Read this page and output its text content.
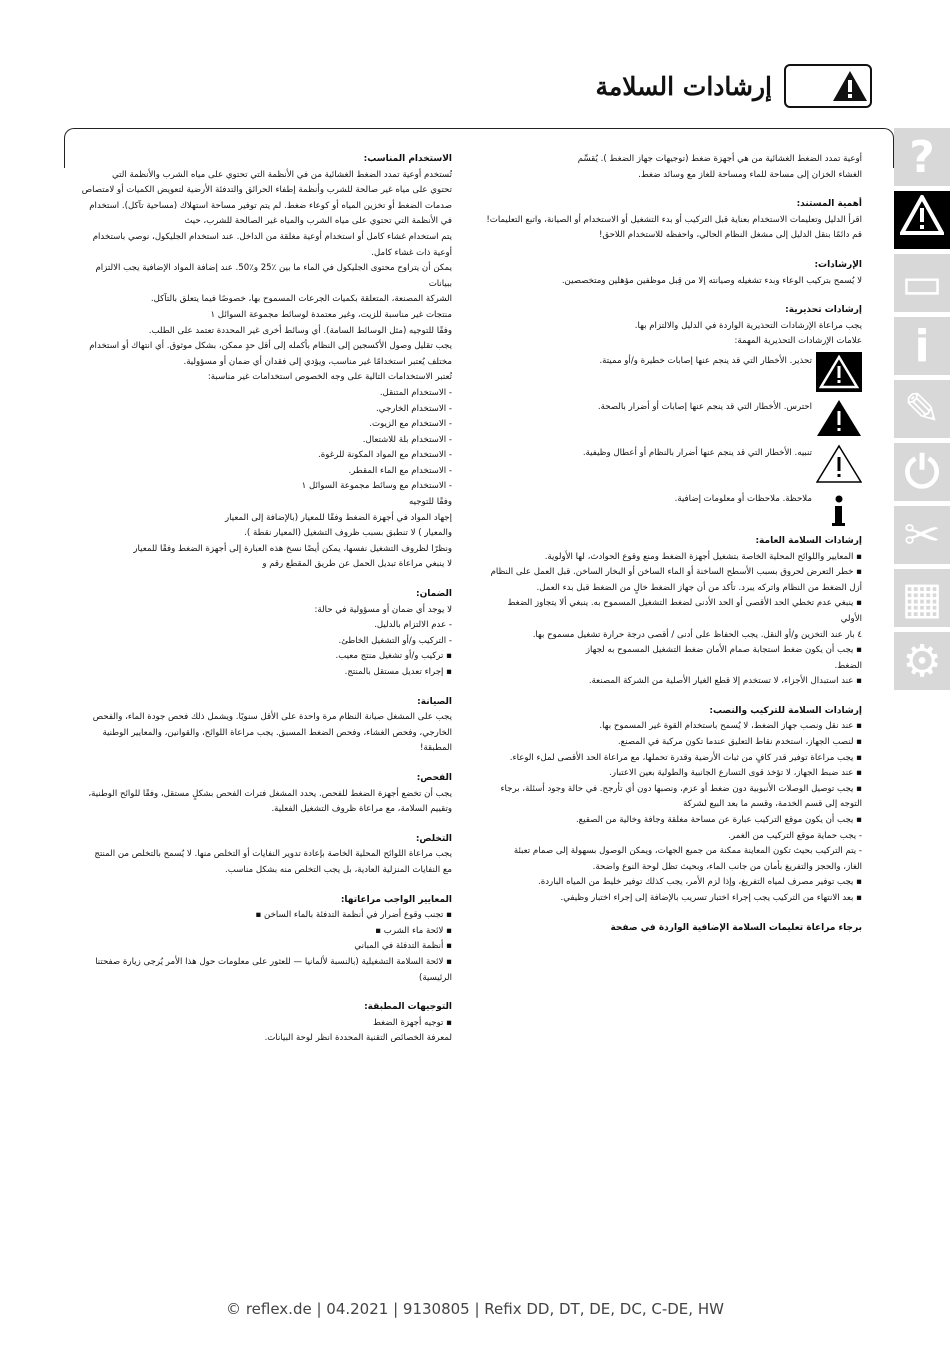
إرشادات السلامة
?
▭
i
✎
⏻
✂
▦
⚙

أوعية تمدد الضغط الغشائية من هي أجهزة ضغط (توجيهات جهاز الضغط ). يُقسِّم

الغشاء الخزان إلى مساحة للماء ومساحة للغاز مع وسائد ضغط.

أهمية المستند:

اقرأ الدليل وتعليمات الاستخدام بعناية قبل التركيب أو بدء التشغيل أو الاستخدام أو الصيانة، واتبع التعليمات!

قم دائمًا بنقل الدليل إلى مشغل النظام الحالي، واحفظه للاستخدام اللاحق!

الإرشادات:

لا يُسمح بتركيب الوعاء وبدء تشغيله وصيانته إلا من قِبل موظفين مؤهلين ومتخصصين.

إرشادات تحذيرية:

يجب مراعاة الإرشادات التحذيرية الواردة في الدليل والالتزام بها.

علامات الإرشادات التحذيرية المهمة:

تحذير. الأخطار التي قد ينجم عنها إصابات خطيرة و/أو مميتة.
احترس. الأخطار التي قد ينجم عنها إصابات أو أضرار بالصحة.
تنبيه. الأخطار التي قد ينجم عنها أضرار بالنظام أو أعطال وظيفية.
ملاحظة. ملاحظات أو معلومات إضافية.
إرشادات السلامة العامة:

▪ المعايير واللوائح المحلية الخاصة بتشغيل أجهزة الضغط ومنع وقوع الحوادث، لها الأولوية.

▪ خطر التعرض لحروق بسبب الأسطح الساخنة أو الماء الساخن أو البخار الساخن. قبل العمل على النظام

أزل الضغط من النظام واتركه يبرد. تأكد من أن جهاز الضغط خالٍ من الضغط قبل بدء العمل.

▪ ينبغي عدم تخطي الحد الأقصى أو الحد الأدنى لضغط التشغيل المسموح به. ينبغي ألا يتجاوز الضغط

الأولي

٤ بار عند التخزين و/أو النقل. يجب الحفاظ على أدنى / أقصى درجة حرارة تشغيل مسموح بها.

▪ يجب أن يكون ضغط استجابة صمام الأمان ضغط التشغيل المسموح به لجهاز

الضغط.

▪ عند استبدال الأجزاء، لا تستخدم إلا قطع الغيار الأصلية من الشركة المصنعة.

إرشادات السلامة للتركيب والنصب:

▪ عند نقل ونصب جهاز الضغط، لا يُسمح باستخدام القوة غير المسموح بها.

▪ لنصب الجهاز، استخدم نقاط التعليق عندما تكون مركبة في المصنع.

▪ يجب مراعاة توفير قدر كافٍ من ثبات الأرضية وقدرة تحملها، مع مراعاة الحد الأقصى لملء الوعاء.

▪ عند ضبط الجهاز، لا تؤخذ قوى التسارع الجانبية والطولية بعين الاعتبار.

▪ يجب توصيل الوصلات الأنبوبية دون ضغط أو عزم، ونصبها دون أي تأرجح. في حالة وجود أسئلة، برجاء

التوجه إلى قسم الخدمة، وقسم ما بعد البيع لشركة

▪ يجب أن يكون موقع التركيب عبارة عن مساحة مغلقة وجافة وخالية من الصقيع.

- يجب حماية موقع التركيب من الغمر.

- يتم التركيب بحيث تكون المعاينة ممكنة من جميع الجهات، ويمكن الوصول بسهولة إلى صمام تعبئة

الغاز، والحجز والتفريغ بأمان من جانب الماء، وبحيث تظل لوحة النوع واضحة.

▪ يجب توفير مصرف لمياه التفريغ، وإذا لزم الأمر، يجب كذلك توفير خليط من المياه الباردة.

▪ بعد الانتهاء من التركيب يجب إجراء اختبار تسريب بالإضافة إلى إجراء اختبار وظيفي.

برجاء مراعاة تعليمات السلامة الإضافية الواردة في صفحة
الاستخدام المناسب:

تُستخدم أوعية تمدد الضغط الغشائية من في الأنظمة التي تحتوي على مياه الشرب والأنظمة التي

تحتوي على مياه غير صالحة للشرب وأنظمة إطفاء الحرائق والتدفئة الأرضية لتعويض الكميات أو لامتصاص

صدمات الضغط أو تخزين المياه أو كوعاء ضغط. لم يتم توفير مساحة استهلاك (مساحية تآكل). استخدام

في الأنظمة التي تحتوي على مياه الشرب والمياه غير الصالحة للشرب، حيث

يتم استخدام غشاء كامل أو استخدام أوعية مغلقة من الداخل. عند استخدام الجليكول، نوصي باستخدام

أوعية ذات غشاء كامل.

يمكن أن يتراوح محتوى الجليكول في الماء ما بين ٪25 و٪50. عند إضافة المواد الإضافية يجب الالتزام

ببيانات

الشركة المصنعة، المتعلقة بكميات الجرعات المسموح بها، خصوصًا فيما يتعلق بالتآكل.

منتجات غير مناسبة للزيت، وغير معتمدة لوسائط مجموعة السوائل ١

وفقًا للتوجيه (مثل الوسائط السامة). أي وسائط أخرى غير المحددة تعتمد على الطلب.

يجب تقليل وصول الأكسجين إلى النظام بأكمله إلى أقل حدٍ ممكن، بشكل موثوق. أي انتهاك أو استخدام

مختلف يُعتبر استخدامًا غير مناسب، ويؤدي إلى فقدان أي ضمان أو مسؤولية.

تُعتبر الاستخدامات التالية على وجه الخصوص استخدامات غير مناسبة:

- الاستخدام المتنقل.

- الاستخدام الخارجي.

- الاستخدام مع الزيوت.

- الاستخدام بلة للاشتعال.

- الاستخدام مع المواد المكونة للرغوة.

- الاستخدام مع الماء المقطر.

- الاستخدام مع وسائط مجموعة السوائل ١

وفقًا للتوجيه

إجهاد المواد في أجهزة الضغط وفقًا للمعيار (بالإضافة إلى المعيار

والمعيار ) لا تنطبق بسبب ظروف التشغيل (المعيار نقطة ).

ونظرًا لظروف التشغيل نفسها، يمكن أيضًا نسخ هذه العبارة إلى أجهزة الضغط وفقًا للمعيار

لا ينبغي مراعاة تبديل الحمل عن طريق المقطع رقم و

الضمان:

لا يوجد أي ضمان أو مسؤولية في حالة:

- عدم الالتزام بالدليل.

- التركيب و/أو التشغيل الخاطئ.

▪ تركيب و/أو تشغيل منتج معيب.

▪ إجراء تعديل مستقل بالمنتج.

الصيانة:

يجب على المشغل صيانة النظام مرة واحدة على الأقل سنويًا. ويشمل ذلك فحص جودة الماء، والفحص

الخارجي، وفحص الغشاء، وفحص الضغط المسبق. يجب مراعاة اللوائح، والقوانين، والمعايير الوطنية

المطبقة!

الفحص:

يجب أن تخضع أجهزة الضغط للفحص. يحدد المشغل فترات الفحص بشكلٍ مستقل، وفقًا للوائح الوطنية،

وتقييم السلامة، مع مراعاة ظروف التشغيل الفعلية.

التخلص:

يجب مراعاة اللوائح المحلية الخاصة بإعادة تدوير النفايات أو التخلص منها. لا يُسمح بالتخلص من المنتج

مع النفايات المنزلية العادية، بل يجب التخلص منه بشكل مناسب.

المعايير الواجب مراعاتها:

▪ تجنب وقوع أضرار في أنظمة التدفئة بالماء الساخن ▪

▪ لائحة ماء الشرب ▪

▪ أنظمة التدفئة في المباني

▪ لائحة السلامة التشغيلية (بالنسبة لألمانيا — للعثور على معلومات حول هذا الأمر يُرجى زيارة صفحتنا

الرئيسية)

التوجيهات المطبقة:

▪ توجيه أجهزة الضغط

لمعرفة الخصائص التقنية المحددة انظر لوحة البيانات.

© reflex.de | 04.2021 | 9130805 | Refix DD, DT, DE, DC, C-DE, HW
